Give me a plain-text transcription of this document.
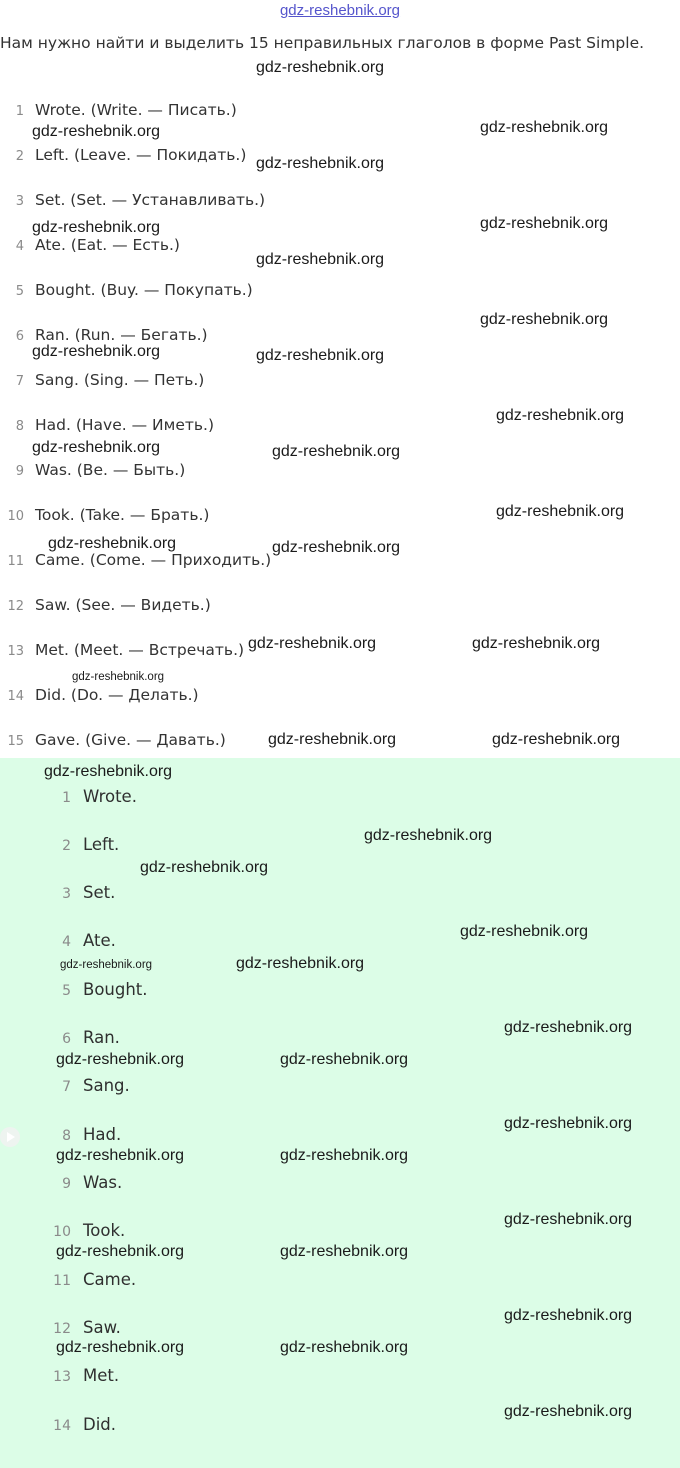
gdz-reshebnik.org
Нам нужно найти и выделить 15 неправильных глаголов в форме Past Simple.
1 Wrote. (Write. — Писать.)
2 Left. (Leave. — Покидать.)
3 Set. (Set. — Устанавливать.)
4 Ate. (Eat. — Есть.)
5 Bought. (Buy. — Покупать.)
6 Ran. (Run. — Бегать.)
7 Sang. (Sing. — Петь.)
8 Had. (Have. — Иметь.)
9 Was. (Be. — Быть.)
10 Took. (Take. — Брать.)
11 Came. (Come. — Приходить.)
12 Saw. (See. — Видеть.)
13 Met. (Meet. — Встречать.)
14 Did. (Do. — Делать.)
15 Gave. (Give. — Давать.)
1 Wrote.
2 Left.
3 Set.
4 Ate.
5 Bought.
6 Ran.
7 Sang.
8 Had.
9 Was.
10 Took.
11 Came.
12 Saw.
13 Met.
14 Did.
gdz-reshebnik.org
gdz-reshebnik.org	gdz-reshebnik.org
gdz-reshebnik.org
gdz-reshebnik.org	gdz-reshebnik.org
gdz-reshebnik.org
gdz-reshebnik.org
gdz-reshebnik.org	gdz-reshebnik.org
gdz-reshebnik.org
gdz-reshebnik.org	gdz-reshebnik.org
gdz-reshebnik.org
gdz-reshebnik.org	gdz-reshebnik.org
gdz-reshebnik.org	gdz-reshebnik.org
gdz-reshebnik.org
gdz-reshebnik.org	gdz-reshebnik.org
gdz-reshebnik.org
gdz-reshebnik.org
gdz-reshebnik.org
gdz-reshebnik.org
gdz-reshebnik.org	gdz-reshebnik.org
gdz-reshebnik.org
gdz-reshebnik.org	gdz-reshebnik.org
gdz-reshebnik.org
gdz-reshebnik.org	gdz-reshebnik.org
gdz-reshebnik.org
gdz-reshebnik.org	gdz-reshebnik.org
gdz-reshebnik.org
gdz-reshebnik.org	gdz-reshebnik.org
gdz-reshebnik.org
